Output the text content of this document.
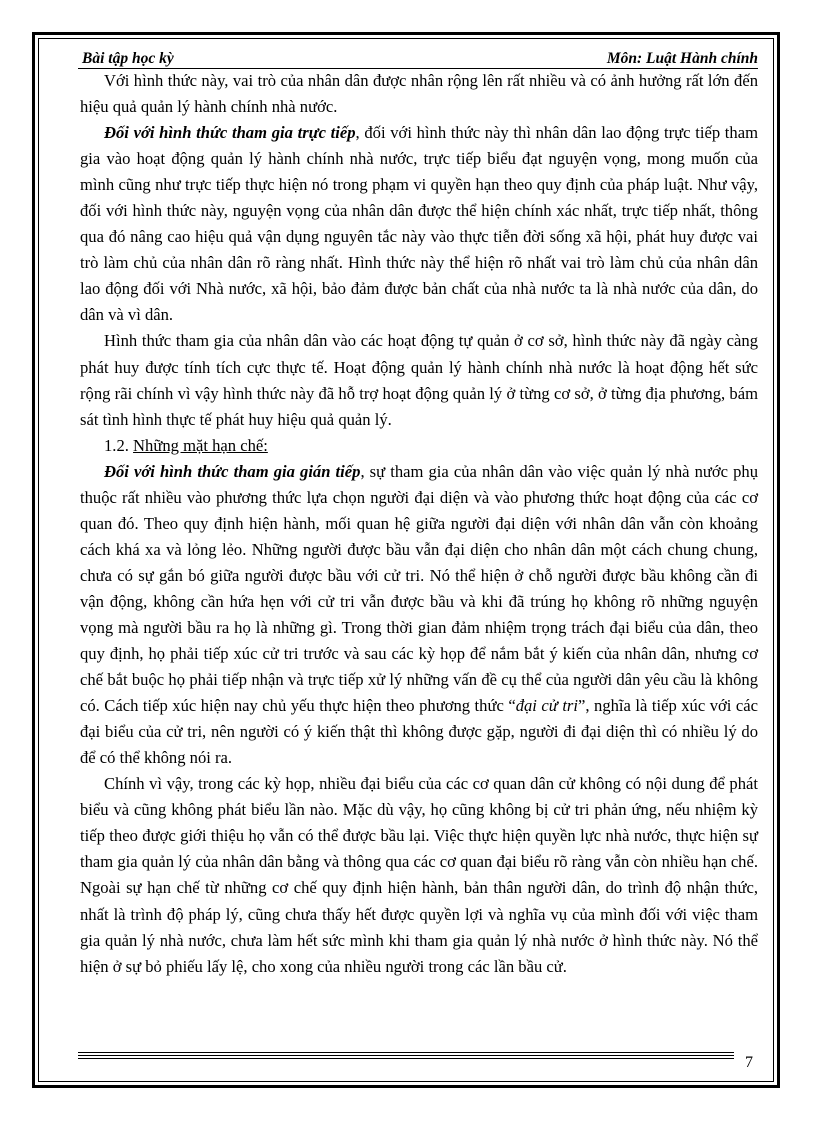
Bài tập học kỳ	Môn: Luật Hành chính

Với hình thức này, vai trò của nhân dân được nhân rộng lên rất nhiều và có ảnh hưởng rất lớn đến hiệu quả quản lý hành chính nhà nước.

Đối với hình thức tham gia trực tiếp, đối với hình thức này thì nhân dân lao động trực tiếp tham gia vào hoạt động quản lý hành chính nhà nước, trực tiếp biểu đạt nguyện vọng, mong muốn của mình cũng như trực tiếp thực hiện nó trong phạm vi quyền hạn theo quy định của pháp luật. Như vậy, đối với hình thức này, nguyện vọng của nhân dân được thể hiện chính xác nhất, trực tiếp nhất, thông qua đó nâng cao hiệu quả vận dụng nguyên tắc này vào thực tiễn đời sống xã hội, phát huy được vai trò làm chủ của nhân dân rõ ràng nhất. Hình thức này thể hiện rõ nhất vai trò làm chủ của nhân dân lao động đối với Nhà nước, xã hội, bảo đảm được bản chất của nhà nước ta là nhà nước của dân, do dân và vì dân.

Hình thức tham gia của nhân dân vào các hoạt động tự quản ở cơ sở, hình thức này đã ngày càng phát huy được tính tích cực thực tế. Hoạt động quản lý hành chính nhà nước là hoạt động hết sức rộng rãi chính vì vậy hình thức này đã hỗ trợ hoạt động quản lý ở từng cơ sở, ở từng địa phương, bám sát tình hình thực tế phát huy hiệu quả quản lý.

1.2. Những mặt hạn chế:

Đối với hình thức tham gia gián tiếp, sự tham gia của nhân dân vào việc quản lý nhà nước phụ thuộc rất nhiều vào phương thức lựa chọn người đại diện và vào phương thức hoạt động của các cơ quan đó. Theo quy định hiện hành, mối quan hệ giữa người đại diện với nhân dân vẫn còn khoảng cách khá xa và lỏng lẻo. Những người được bầu vẫn đại diện cho nhân dân một cách chung chung, chưa có sự gắn bó giữa người được bầu với cử tri. Nó thể hiện ở chỗ người được bầu không cần đi vận động, không cần hứa hẹn với cử tri vẫn được bầu và khi đã trúng họ không rõ những nguyện vọng mà người bầu ra họ là những gì. Trong thời gian đảm nhiệm trọng trách đại biểu của dân, theo quy định, họ phải tiếp xúc cử tri trước và sau các kỳ họp để nắm bắt ý kiến của nhân dân, nhưng cơ chế bắt buộc họ phải tiếp nhận và trực tiếp xử lý những vấn đề cụ thể của người dân yêu cầu là không có. Cách tiếp xúc hiện nay chủ yếu thực hiện theo phương thức “đại cử tri”, nghĩa là tiếp xúc với các đại biểu của cử tri, nên người có ý kiến thật thì không được gặp, người đi đại diện thì có nhiều lý do để có thể không nói ra.

Chính vì vậy, trong các kỳ họp, nhiều đại biểu của các cơ quan dân cử không có nội dung để phát biểu và cũng không phát biểu lần nào. Mặc dù vậy, họ cũng không bị cử tri phản ứng, nếu nhiệm kỳ tiếp theo được giới thiệu họ vẫn có thể được bầu lại. Việc thực hiện quyền lực nhà nước, thực hiện sự tham gia quản lý của nhân dân bằng và thông qua các cơ quan đại biểu rõ ràng vẫn còn nhiều hạn chế. Ngoài sự hạn chế từ những cơ chế quy định hiện hành, bản thân người dân, do trình độ nhận thức, nhất là trình độ pháp lý, cũng chưa thấy hết được quyền lợi và nghĩa vụ của mình đối với việc tham gia quản lý nhà nước, chưa làm hết sức mình khi tham gia quản lý nhà nước ở hình thức này. Nó thể hiện ở sự bỏ phiếu lấy lệ, cho xong của nhiều người trong các lần bầu cử.

7
